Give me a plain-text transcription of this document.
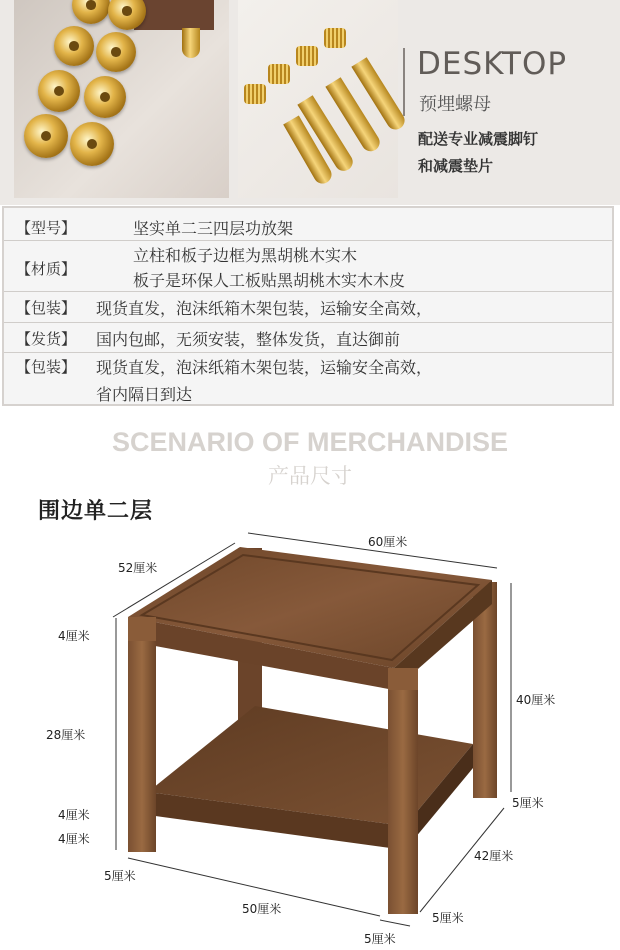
DESKTOP
预埋螺母
配送专业减震脚钉
和减震垫片
【型号】	坚实单二三四层功放架
【材质】
立柱和板子边框为黑胡桃木实木
板子是环保人工板贴黑胡桃木实木木皮
【包装】 现货直发，泡沫纸箱木架包装，运输安全高效，
【发货】 国内包邮，无须安装，整体发货，直达御前
【包装】 现货直发，泡沫纸箱木架包装，运输安全高效，
省内隔日到达
SCENARIO OF MERCHANDISE
产品尺寸
围边单二层
60厘米
52厘米
4厘米
40厘米
28厘米
5厘米
4厘米
4厘米
42厘米
5厘米
50厘米
5厘米
5厘米
